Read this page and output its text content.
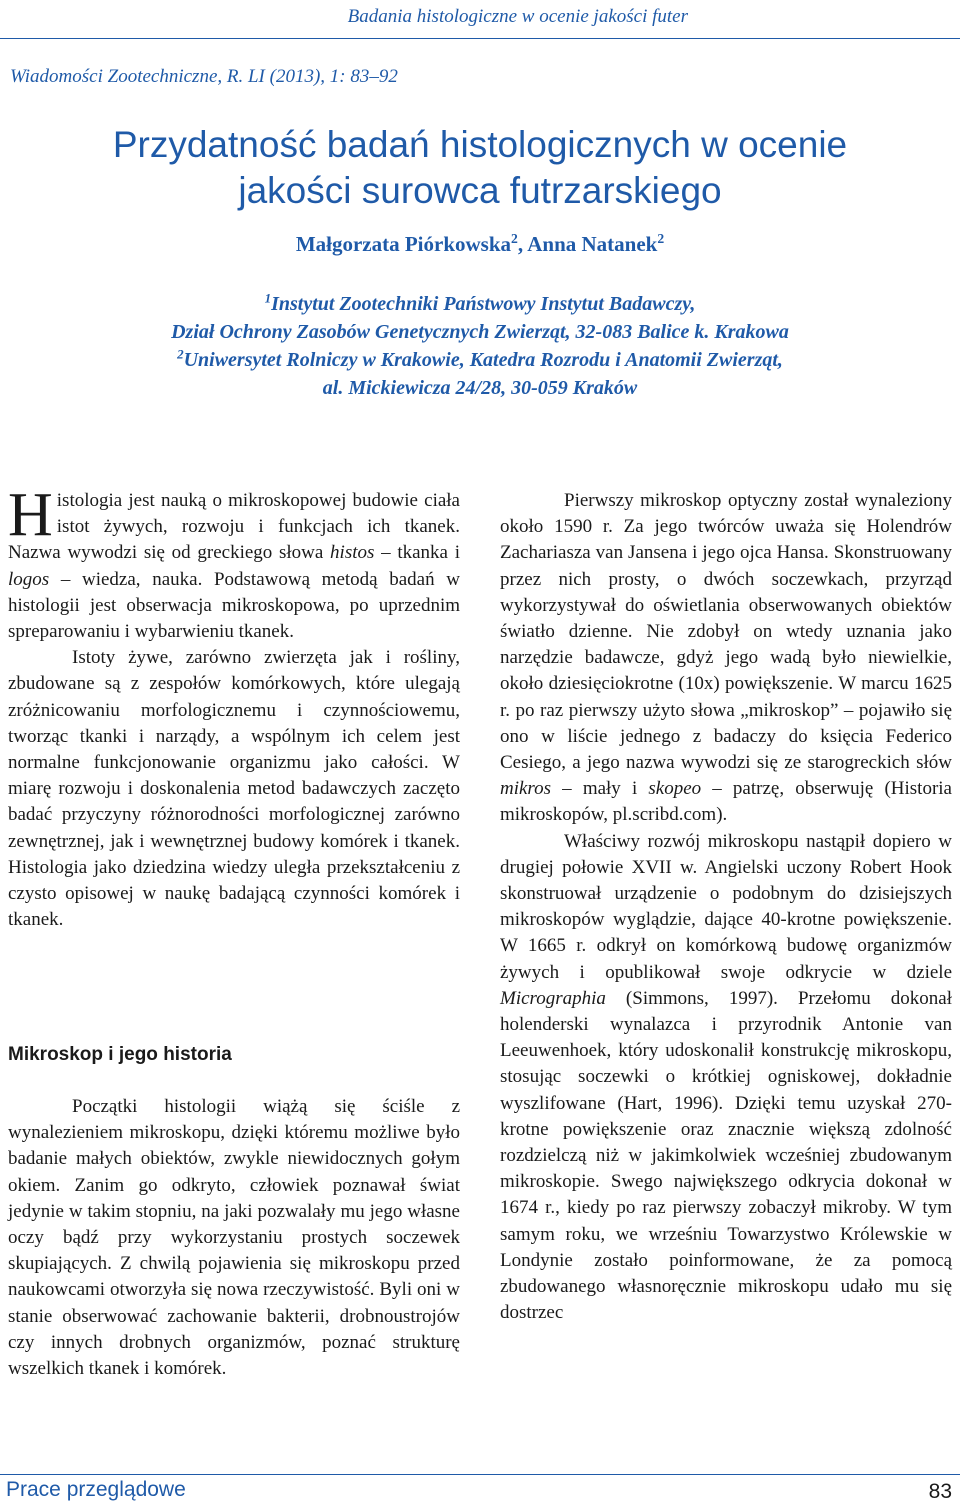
Badania histologiczne w ocenie jakości futer
Wiadomości Zootechniczne, R. LI (2013), 1: 83–92
Przydatność badań histologicznych w ocenie
jakości surowca futrzarskiego
Małgorzata Piórkowska$^2$, Anna Natanek$^2$
$^1$Instytut Zootechniki Państwowy Instytut Badawczy,
Dział Ochrony Zasobów Genetycznych Zwierząt, 32-083 Balice k. Krakowa
$^2$Uniwersytet Rolniczy w Krakowie, Katedra Rozrodu i Anatomii Zwierząt,
al. Mickiewicza 24/28, 30-059 Kraków

Histologia jest nauką o mikroskopowej budowie ciała istot żywych, rozwoju i funkcjach ich tkanek. Nazwa wywodzi się od greckiego słowa histos – tkanka i logos – wiedza, nauka. Podstawową metodą badań w histologii jest obserwacja mikroskopowa, po uprzednim spreparowaniu i wybarwieniu tkanek.

Istoty żywe, zarówno zwierzęta jak i rośliny, zbudowane są z zespołów komórkowych, które ulegają zróżnicowaniu morfologicznemu i czynnościowemu, tworząc tkanki i narządy, a wspólnym ich celem jest normalne funkcjonowanie organizmu jako całości. W miarę rozwoju i doskonalenia metod badawczych zaczęto badać przyczyny różnorodności morfologicznej zarówno zewnętrznej, jak i wewnętrznej budowy komórek i tkanek. Histologia jako dziedzina wiedzy uległa przekształceniu z czysto opisowej w naukę badającą czynności komórek i tkanek.

Mikroskop i jego historia

Początki histologii wiążą się ściśle z wynalezieniem mikroskopu, dzięki któremu możliwe było badanie małych obiektów, zwykle niewidocznych gołym okiem. Zanim go odkryto, człowiek poznawał świat jedynie w takim stopniu, na jaki pozwalały mu jego własne oczy bądź przy wykorzystaniu prostych soczewek skupiających. Z chwilą pojawienia się mikroskopu przed naukowcami otworzyła się nowa rzeczywistość. Byli oni w stanie obserwować zachowanie bakterii, drobnoustrojów czy innych drobnych organizmów, poznać strukturę wszelkich tkanek i komórek.

Pierwszy mikroskop optyczny został wynaleziony około 1590 r. Za jego twórców uważa się Holendrów Zachariasza van Jansena i jego ojca Hansa. Skonstruowany przez nich prosty, o dwóch soczewkach, przyrząd wykorzystywał do oświetlania obserwowanych obiektów światło dzienne. Nie zdobył on wtedy uznania jako narzędzie badawcze, gdyż jego wadą było niewielkie, około dziesięciokrotne (10x) powiększenie. W marcu 1625 r. po raz pierwszy użyto słowa „mikroskop” – pojawiło się ono w liście jednego z badaczy do księcia Federico Cesiego, a jego nazwa wywodzi się ze starogreckich słów mikros – mały i skopeo – patrzę, obserwuję (Historia mikroskopów, pl.scribd.com).

Właściwy rozwój mikroskopu nastąpił dopiero w drugiej połowie XVII w. Angielski uczony Robert Hook skonstruował urządzenie o podobnym do dzisiejszych mikroskopów wyglądzie, dające 40-krotne powiększenie. W 1665 r. odkrył on komórkową budowę organizmów żywych i opublikował swoje odkrycie w dziele Micrographia (Simmons, 1997). Przełomu dokonał holenderski wynalazca i przyrodnik Antonie van Leeuwenhoek, który udoskonalił konstrukcję mikroskopu, stosując soczewki o krótkiej ogniskowej, dokładnie wyszlifowane (Hart, 1996). Dzięki temu uzyskał 270-krotne powiększenie oraz znacznie większą zdolność rozdzielczą niż w jakimkolwiek wcześniej zbudowanym mikroskopie. Swego największego odkrycia dokonał w 1674 r., kiedy po raz pierwszy zobaczył mikroby. W tym samym roku, we wrześniu Towarzystwo Królewskie w Londynie zostało poinformowane, że za pomocą zbudowanego własnoręcznie mikroskopu udało mu się dostrzec

Prace przeglądowe	83
